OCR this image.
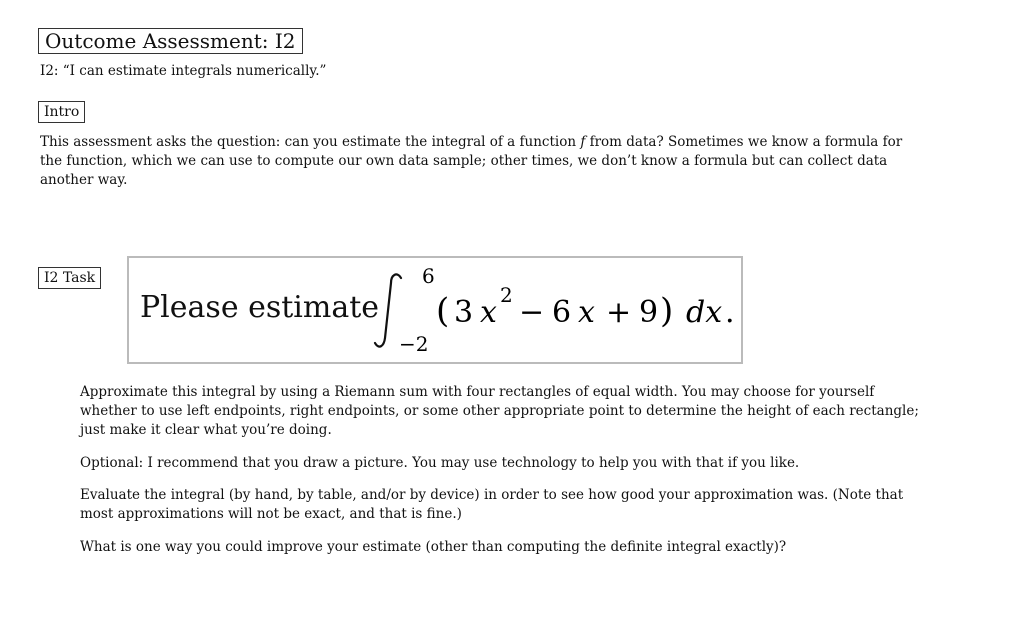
Outcome Assessment: I2
I2: “I can estimate integrals numerically.”
Intro

This assessment asks the question: can you estimate the integral of a function f from data? Sometimes we know a formula for the function, which we can use to compute our own data sample; other times, we don’t know a formula but can collect data another way.

I2 Task
Please estimate
6
−2
( 3 x 2 − 6 x + 9 ) dx .

Approximate this integral by using a Riemann sum with four rectangles of equal width. You may choose for yourself whether to use left endpoints, right endpoints, or some other appropriate point to determine the height of each rectangle; just make it clear what you’re doing.

Optional: I recommend that you draw a picture. You may use technology to help you with that if you like.

Evaluate the integral (by hand, by table, and/or by device) in order to see how good your approximation was. (Note that most approximations will not be exact, and that is fine.)

What is one way you could improve your estimate (other than computing the definite integral exactly)?
